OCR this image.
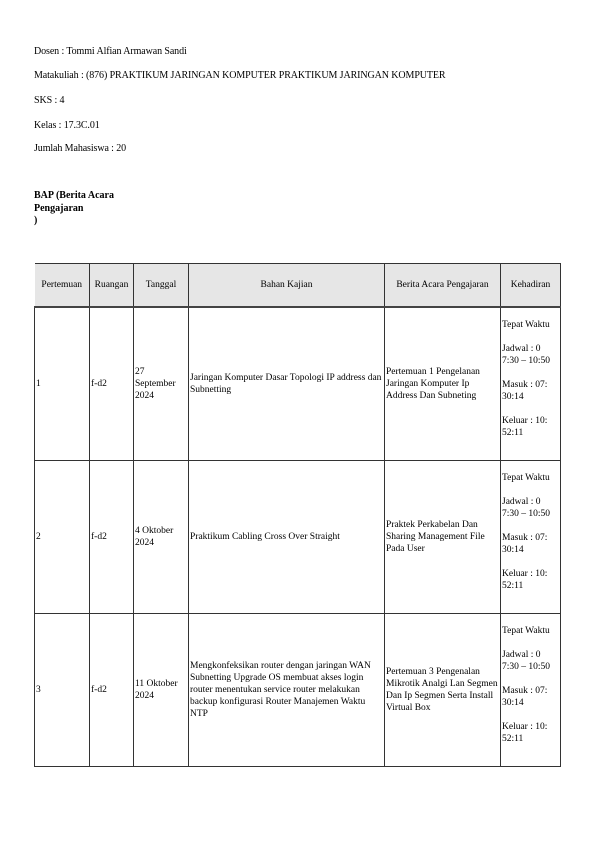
Dosen : Tommi Alfian Armawan Sandi
Matakuliah : (876) PRAKTIKUM JARINGAN KOMPUTER PRAKTIKUM JARINGAN KOMPUTER
SKS : 4
Kelas : 17.3C.01
Jumlah Mahasiswa : 20
BAP (Berita Acara
Pengajaran
)
Pertemuan	Ruangan	Tanggal	Bahan Kajian	Berita Acara Pengajaran	Kehadiran
1	f-d2	27 September 2024	Jaringan Komputer Dasar Topologi IP address dan Subnetting	Pertemuan 1 Pengelanan Jaringan Komputer Ip Address Dan Subneting	Tepat Waktu

Jadwal : 0 7:30 – 10:50

Masuk : 07: 30:14

Keluar : 10: 52:11

2	f-d2	4 Oktober 2024	Praktikum Cabling Cross Over Straight	Praktek Perkabelan Dan Sharing Management File Pada User	Tepat Waktu

Jadwal : 0 7:30 – 10:50

Masuk : 07: 30:14

Keluar : 10: 52:11

3	f-d2	11 Oktober 2024	Mengkonfeksikan router dengan jaringan WAN Subnetting Upgrade OS membuat akses login router menentukan service router melakukan backup konfigurasi Router Manajemen Waktu NTP	Pertemuan 3 Pengenalan Mikrotik Analgi Lan Segmen Dan Ip Segmen Serta Install Virtual Box	Tepat Waktu

Jadwal : 0 7:30 – 10:50

Masuk : 07: 30:14

Keluar : 10: 52:11
